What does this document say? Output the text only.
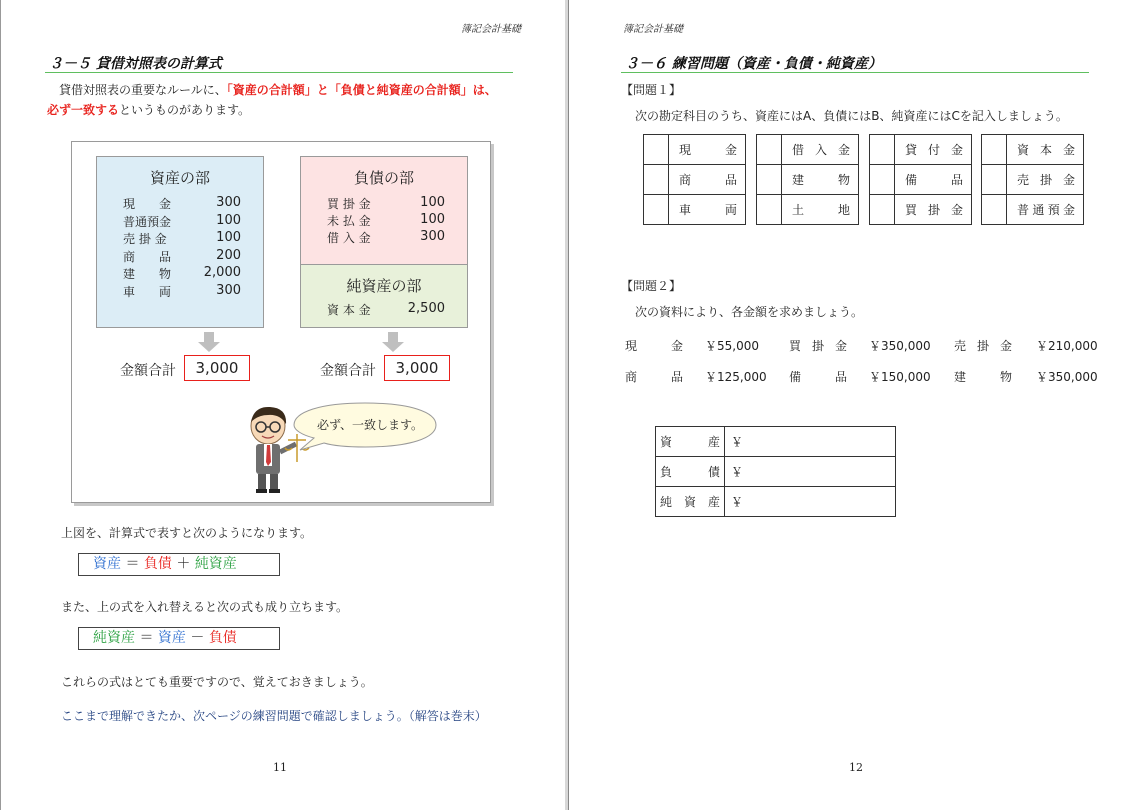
簿記会計基礎
３－５ 貸借対照表の計算式
　貸借対照表の重要なルールに、「資産の合計額」と「負債と純資産の合計額」は、
必ず一致するというものがあります。
資産の部
現　　金	300
普通預金	100
売 掛 金	100
商　　品	200
建　　物	2,000
車　　両	300
負債の部
買 掛 金	100
未 払 金	100
借 入 金	300
純資産の部
資 本 金	2,500
金額合計	3,000	金額合計	3,000
必ず、一致します。
上図を、計算式で表すと次のようになります。
資産 ＝ 負債 ＋ 純資産
また、上の式を入れ替えると次の式も成り立ちます。
純資産 ＝ 資産 － 負債
これらの式はとても重要ですので、覚えておきましょう。
ここまで理解できたか、次ページの練習問題で確認しましょう。（解答は巻末）
11
簿記会計基礎
３－６ 練習問題（資産・負債・純資産）
【問題１】
次の勘定科目のうち、資産にはA、負債にはB、純資産にはCを記入しましょう。

	現　　金

	商　　品

	車　　両

	借 入 金

	建　　物

	土　　地

	貸 付 金

	備　　品

	買 掛 金

	資 本 金

	売 掛 金

	普通預金
【問題２】
次の資料により、各金額を求めましょう。
現　　金 ￥55,000	買 掛 金 ￥350,000 売 掛 金 ￥210,000
商　　品 ￥125,000 備　　品 ￥150,000 建　　物 ￥350,000
資　　産	￥

負　　債	￥

純 資 産	￥
12
